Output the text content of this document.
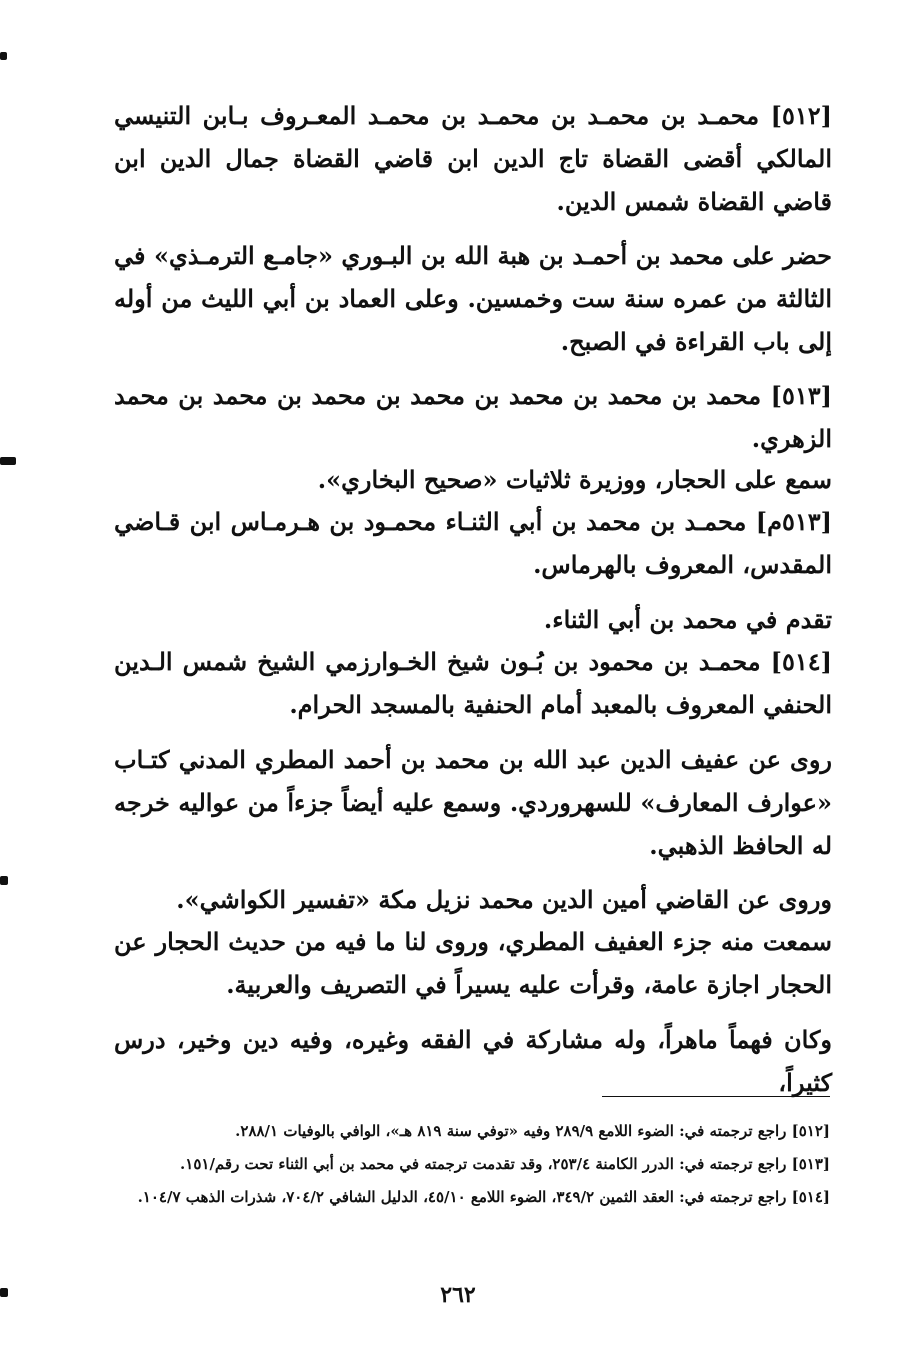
[٥١٢] محمـد بن محمـد بن محمـد بن محمـد المعـروف بـابن التنيسي المالكي أقضى القضاة تاج الدين ابن قاضي القضاة جمال الدين ابن قاضي القضاة شمس الدين.
حضر على محمد بن أحمـد بن هبة الله بن البـوري «جامـع الترمـذي» في الثالثة من عمره سنة ست وخمسين. وعلى العماد بن أبي الليث من أوله إلى باب القراءة في الصبح.
[٥١٣] محمد بن محمد بن محمد بن محمد بن محمد بن محمد بن محمد الزهري.
سمع على الحجار، ووزيرة ثلاثيات «صحيح البخاري».
[٥١٣م] محمـد بن محمد بن أبي الثنـاء محمـود بن هـرمـاس ابن قـاضي المقدس، المعروف بالهرماس.
تقدم في محمد بن أبي الثناء.
[٥١٤] محمـد بن محمود بن بُـون شيخ الخـوارزمي الشيخ شمس الـدين الحنفي المعروف بالمعبد أمام الحنفية بالمسجد الحرام.
روى عن عفيف الدين عبد الله بن محمد بن أحمد المطري المدني كتـاب «عوارف المعارف» للسهروردي. وسمع عليه أيضاً جزءاً من عواليه خرجه له الحافظ الذهبي.
وروى عن القاضي أمين الدين محمد نزيل مكة «تفسير الكواشي».
سمعت منه جزء العفيف المطري، وروى لنا ما فيه من حديث الحجار عن الحجار اجازة عامة، وقرأت عليه يسيراً في التصريف والعربية.
وكان فهماً ماهراً، وله مشاركة في الفقه وغيره، وفيه دين وخير، درس كثيراً،
[٥١٢] راجع ترجمته في: الضوء اللامع ٢٨٩/٩ وفيه «توفي سنة ٨١٩ هـ»، الوافي بالوفيات ٢٨٨/١.
[٥١٣] راجع ترجمته في: الدرر الكامنة ٢٥٣/٤، وقد تقدمت ترجمته في محمد بن أبي الثناء تحت رقم/١٥١.
[٥١٤] راجع ترجمته في: العقد الثمين ٣٤٩/٢، الضوء اللامع ٤٥/١٠، الدليل الشافي ٧٠٤/٢، شذرات الذهب ١٠٤/٧.
٢٦٢
